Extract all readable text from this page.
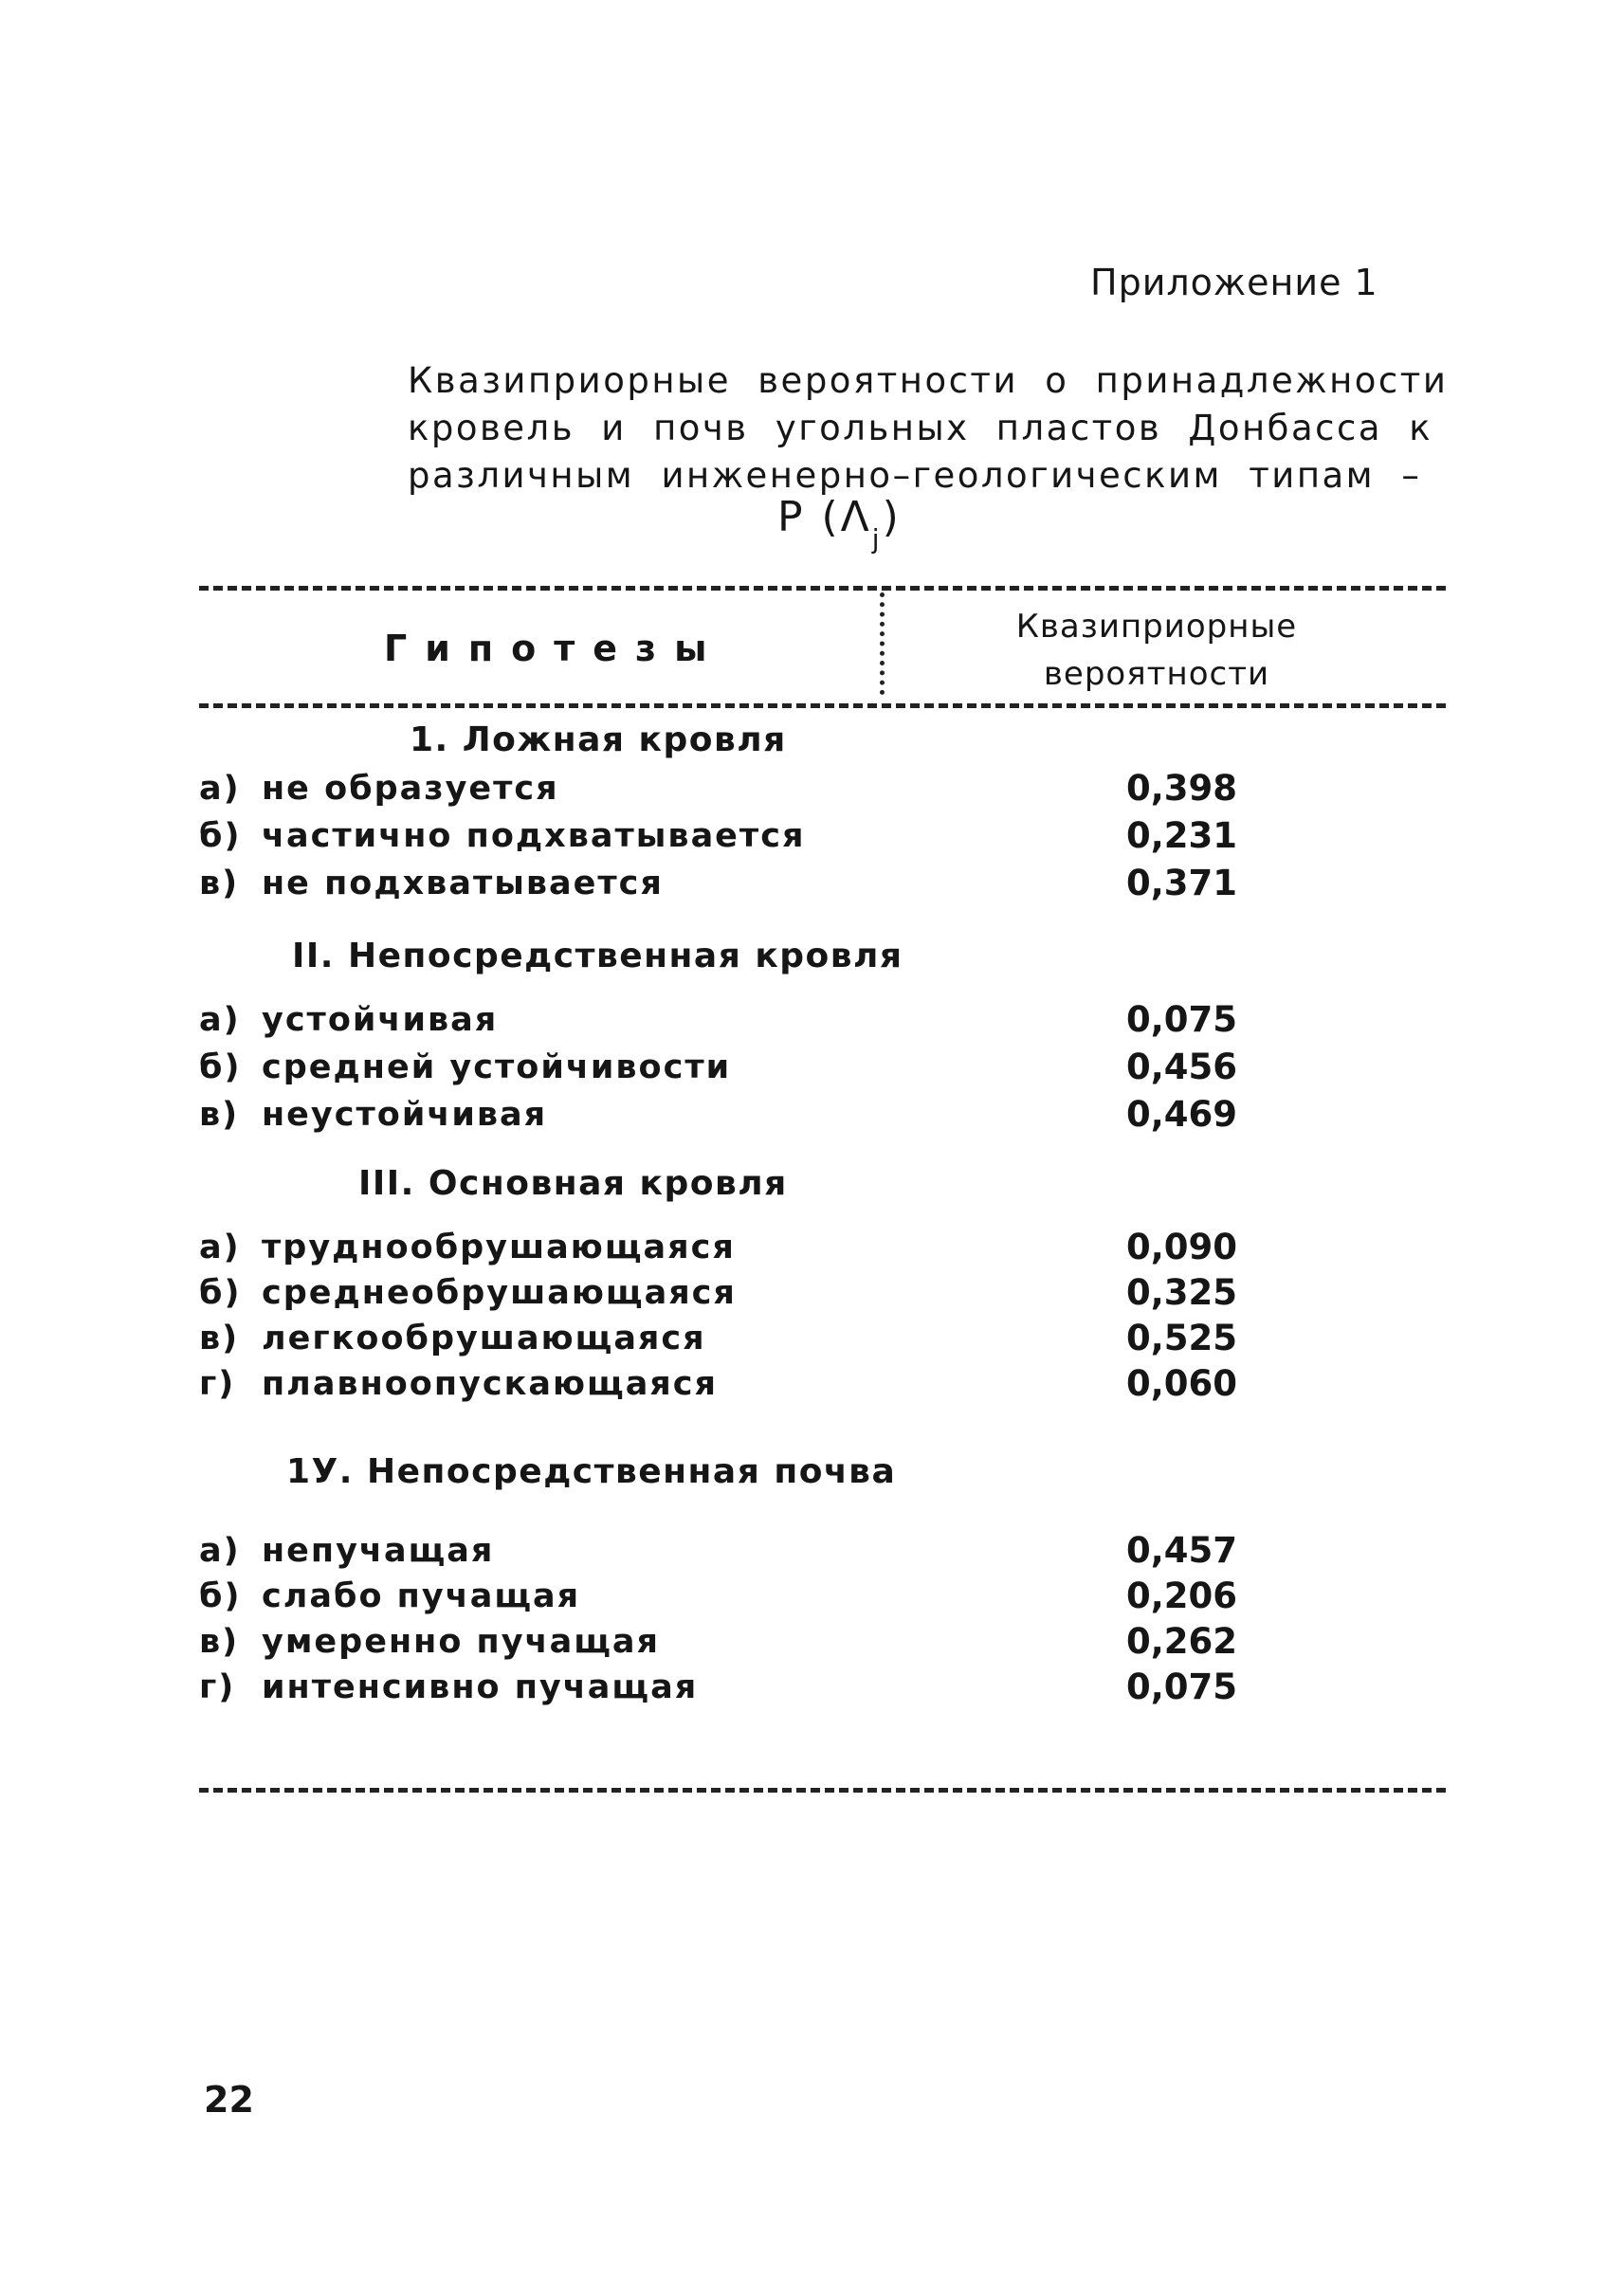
Приложение 1
Квазиприорные вероятности о принадлежности
кровель и почв угольных пластов Донбасса к
различным инженерно–геологическим типам –
P $(\Lambda_j)$
Гипотезы
Квазиприорные вероятности
1. Ложная кровля
а) не образуется	0,398
б) частично подхватывается	0,231
в) не подхватывается	0,371
II. Непосредственная кровля
а) устойчивая	0,075
б) средней устойчивости	0,456
в) неустойчивая	0,469
III. Основная кровля
а) труднообрушающаяся	0,090
б) среднеобрушающаяся	0,325
в) легкообрушающаяся	0,525
г) плавноопускающаяся	0,060
1У. Непосредственная почва
а) непучащая	0,457
б) слабо пучащая	0,206
в) умеренно пучащая	0,262
г) интенсивно пучащая	0,075
22
